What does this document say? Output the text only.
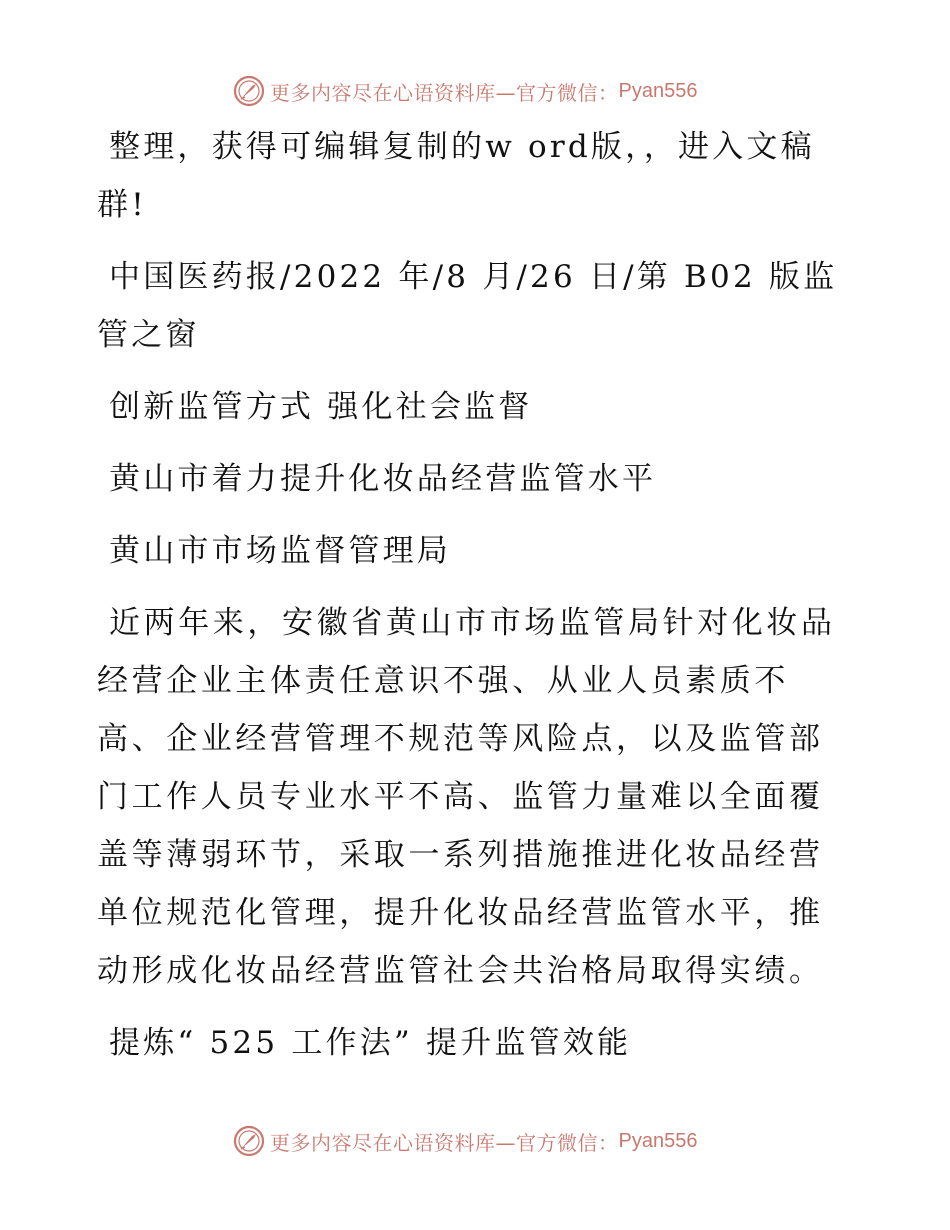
更多内容尽在心语资料库—官方微信： Pyan556

整理，获得可编辑复制的w ord版，，进入文稿群!

中国医药报/2022 年/8 月/26 日/第 B02 版监管之窗

创新监管方式 强化社会监督

黄山市着力提升化妆品经营监管水平

黄山市市场监督管理局

近两年来，安徽省黄山市市场监管局针对化妆品经营企业主体责任意识不强、从业人员素质不高、企业经营管理不规范等风险点，以及监管部门工作人员专业水平不高、监管力量难以全面覆盖等薄弱环节，采取一系列措施推进化妆品经营单位规范化管理，提升化妆品经营监管水平，推动形成化妆品经营监管社会共治格局取得实绩。

提炼“ 525 工作法” 提升监管效能

更多内容尽在心语资料库—官方微信： Pyan556
